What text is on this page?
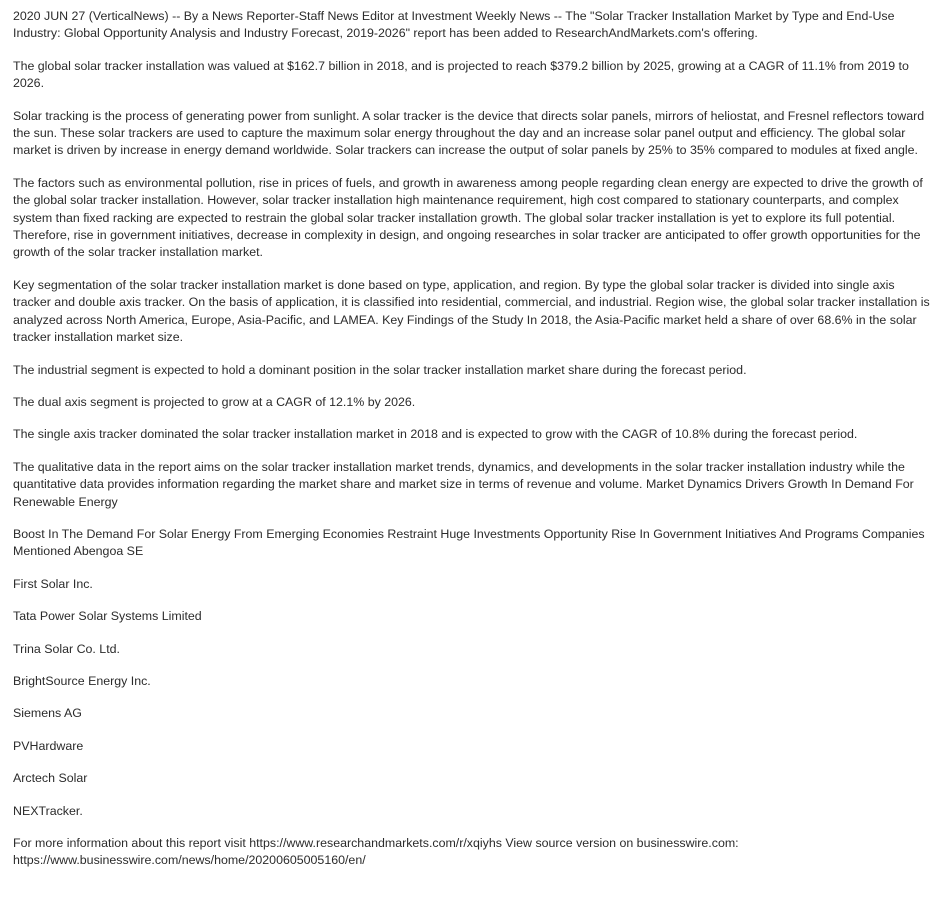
2020 JUN 27 (VerticalNews) -- By a News Reporter-Staff News Editor at Investment Weekly News -- The "Solar Tracker Installation Market by Type and End-Use Industry: Global Opportunity Analysis and Industry Forecast, 2019-2026" report has been added to ResearchAndMarkets.com's offering.

The global solar tracker installation was valued at $162.7 billion in 2018, and is projected to reach $379.2 billion by 2025, growing at a CAGR of 11.1% from 2019 to 2026.

Solar tracking is the process of generating power from sunlight. A solar tracker is the device that directs solar panels, mirrors of heliostat, and Fresnel reflectors toward the sun. These solar trackers are used to capture the maximum solar energy throughout the day and an increase solar panel output and efficiency. The global solar market is driven by increase in energy demand worldwide. Solar trackers can increase the output of solar panels by 25% to 35% compared to modules at fixed angle.

The factors such as environmental pollution, rise in prices of fuels, and growth in awareness among people regarding clean energy are expected to drive the growth of the global solar tracker installation. However, solar tracker installation high maintenance requirement, high cost compared to stationary counterparts, and complex system than fixed racking are expected to restrain the global solar tracker installation growth. The global solar tracker installation is yet to explore its full potential. Therefore, rise in government initiatives, decrease in complexity in design, and ongoing researches in solar tracker are anticipated to offer growth opportunities for the growth of the solar tracker installation market.

Key segmentation of the solar tracker installation market is done based on type, application, and region. By type the global solar tracker is divided into single axis tracker and double axis tracker. On the basis of application, it is classified into residential, commercial, and industrial. Region wise, the global solar tracker installation is analyzed across North America, Europe, Asia-Pacific, and LAMEA. Key Findings of the Study In 2018, the Asia-Pacific market held a share of over 68.6% in the solar tracker installation market size.

The industrial segment is expected to hold a dominant position in the solar tracker installation market share during the forecast period.

The dual axis segment is projected to grow at a CAGR of 12.1% by 2026.

The single axis tracker dominated the solar tracker installation market in 2018 and is expected to grow with the CAGR of 10.8% during the forecast period.

The qualitative data in the report aims on the solar tracker installation market trends, dynamics, and developments in the solar tracker installation industry while the quantitative data provides information regarding the market share and market size in terms of revenue and volume. Market Dynamics Drivers Growth In Demand For Renewable Energy

Boost In The Demand For Solar Energy From Emerging Economies Restraint Huge Investments Opportunity Rise In Government Initiatives And Programs Companies Mentioned Abengoa SE

First Solar Inc.

Tata Power Solar Systems Limited

Trina Solar Co. Ltd.

BrightSource Energy Inc.

Siemens AG

PVHardware

Arctech Solar

NEXTracker.

For more information about this report visit https://www.researchandmarkets.com/r/xqiyhs View source version on businesswire.com: https://www.businesswire.com/news/home/20200605005160/en/
